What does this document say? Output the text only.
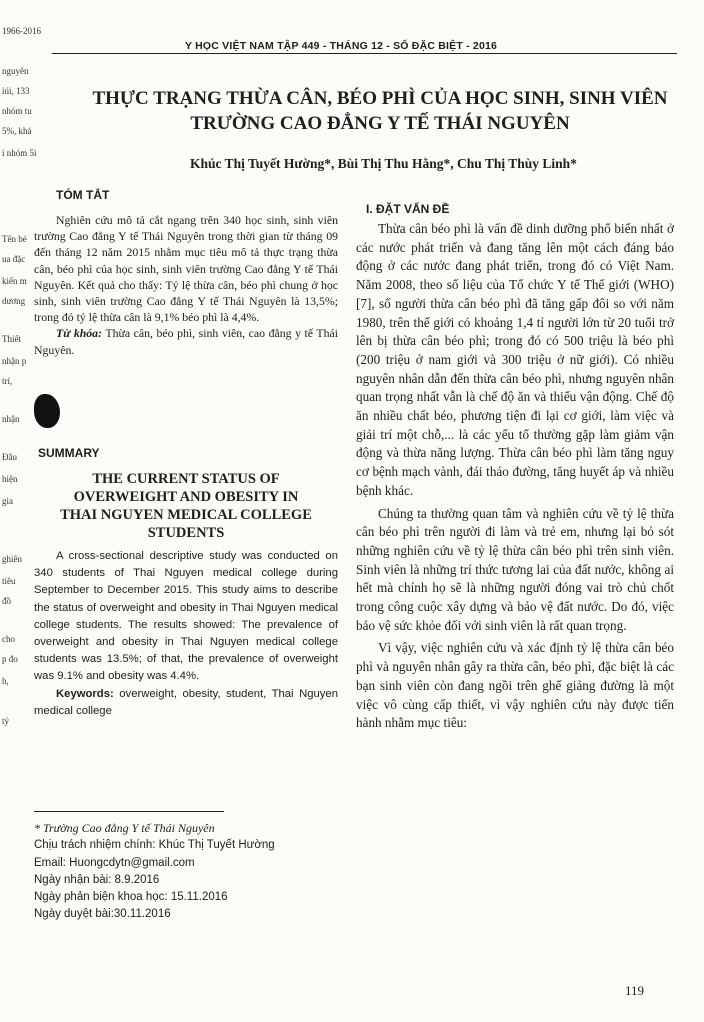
1966-2016
nguyên
iúi, 133
nhóm tu
5%, khá
i nhóm 5i
Tên bé
ua đặc
kiến m
dương
Thiết
nhận p
trí,
nhận
Đâu
hiện
gia
ghiên
tiêu
đồ
cho
p đo
h,
tý
Y HỌC VIỆT NAM TẬP 449 - THÁNG 12 - SỐ ĐẶC BIỆT - 2016
THỰC TRẠNG THỪA CÂN, BÉO PHÌ CỦA HỌC SINH, SINH VIÊN
TRƯỜNG CAO ĐẲNG Y TẾ THÁI NGUYÊN
Khúc Thị Tuyết Hường*, Bùi Thị Thu Hằng*, Chu Thị Thùy Linh*
TÓM TẮT

Nghiên cứu mô tả cắt ngang trên 340 học sinh, sinh viên trường Cao đẳng Y tế Thái Nguyên trong thời gian từ tháng 09 đến tháng 12 năm 2015 nhằm mục tiêu mô tả thực trạng thừa cân, béo phì của học sinh, sinh viên trường Cao đẳng Y tế Thái Nguyên. Kết quả cho thấy: Tỷ lệ thừa cân, béo phì chung ở học sinh, sinh viên trường Cao đẳng Y tế Thái Nguyên là 13,5%; trong đó tỷ lệ thừa cân là 9,1% béo phì là 4,4%.

Từ khóa: Thừa cân, béo phì, sinh viên, cao đẳng y tế Thái Nguyên.

SUMMARY
THE CURRENT STATUS OF
OVERWEIGHT AND OBESITY IN
THAI NGUYEN MEDICAL COLLEGE
STUDENTS

A cross-sectional descriptive study was conducted on 340 students of Thai Nguyen medical college during September to December 2015. This study aims to describe the status of overweight and obesity in Thai Nguyen medical college students. The results showed: The prevalence of overweight and obesity in Thai Nguyen medical college students was 13.5%; of that, the prevalence of overweight was 9.1% and obesity was 4.4%.

Keywords: overweight, obesity, student, Thai Nguyen medical college

* Trường Cao đẳng Y tế Thái Nguyên
Chịu trách nhiệm chính: Khúc Thị Tuyết Hường
Email: Huongcdytn@gmail.com
Ngày nhận bài: 8.9.2016
Ngày phản biện khoa học: 15.11.2016
Ngày duyệt bài:30.11.2016
I. ĐẶT VẤN ĐỀ

Thừa cân béo phì là vấn đề dinh dưỡng phổ biến nhất ở các nước phát triển và đang tăng lên một cách đáng báo động ở các nước đang phát triển, trong đó có Việt Nam. Năm 2008, theo số liệu của Tổ chức Y tế Thế giới (WHO) [7], số người thừa cân béo phì đã tăng gấp đôi so với năm 1980, trên thế giới có khoảng 1,4 tỉ người lớn từ 20 tuổi trở lên bị thừa cân béo phì; trong đó có 500 triệu là béo phì (200 triệu ở nam giới và 300 triệu ở nữ giới). Có nhiều nguyên nhân dẫn đến thừa cân béo phì, nhưng nguyên nhân quan trọng nhất vẫn là chế độ ăn và thiếu vận động. Chế độ ăn nhiều chất béo, phương tiện đi lại cơ giới, làm việc và giải trí một chỗ,... là các yếu tố thường gặp làm giảm vận động và thừa năng lượng. Thừa cân béo phì làm tăng nguy cơ bệnh mạch vành, đái tháo đường, tăng huyết áp và nhiều bệnh khác.

Chúng ta thường quan tâm và nghiên cứu về tỷ lệ thừa cân béo phì trên người đi làm và trẻ em, nhưng lại bỏ sót những nghiên cứu về tỷ lệ thừa cân béo phì trên sinh viên. Sinh viên là những trí thức tương lai của đất nước, không ai hết mà chính họ sẽ là những người đóng vai trò chủ chốt trong công cuộc xây dựng và bảo vệ đất nước. Do đó, việc bảo vệ sức khỏe đối với sinh viên là rất quan trọng.

Vì vậy, việc nghiên cứu và xác định tỷ lệ thừa cân béo phì và nguyên nhân gây ra thừa cân, béo phì, đặc biệt là các bạn sinh viên còn đang ngồi trên ghế giảng đường là một việc vô cùng cấp thiết, vì vậy nghiên cứu này được tiến hành nhằm mục tiêu:

119
